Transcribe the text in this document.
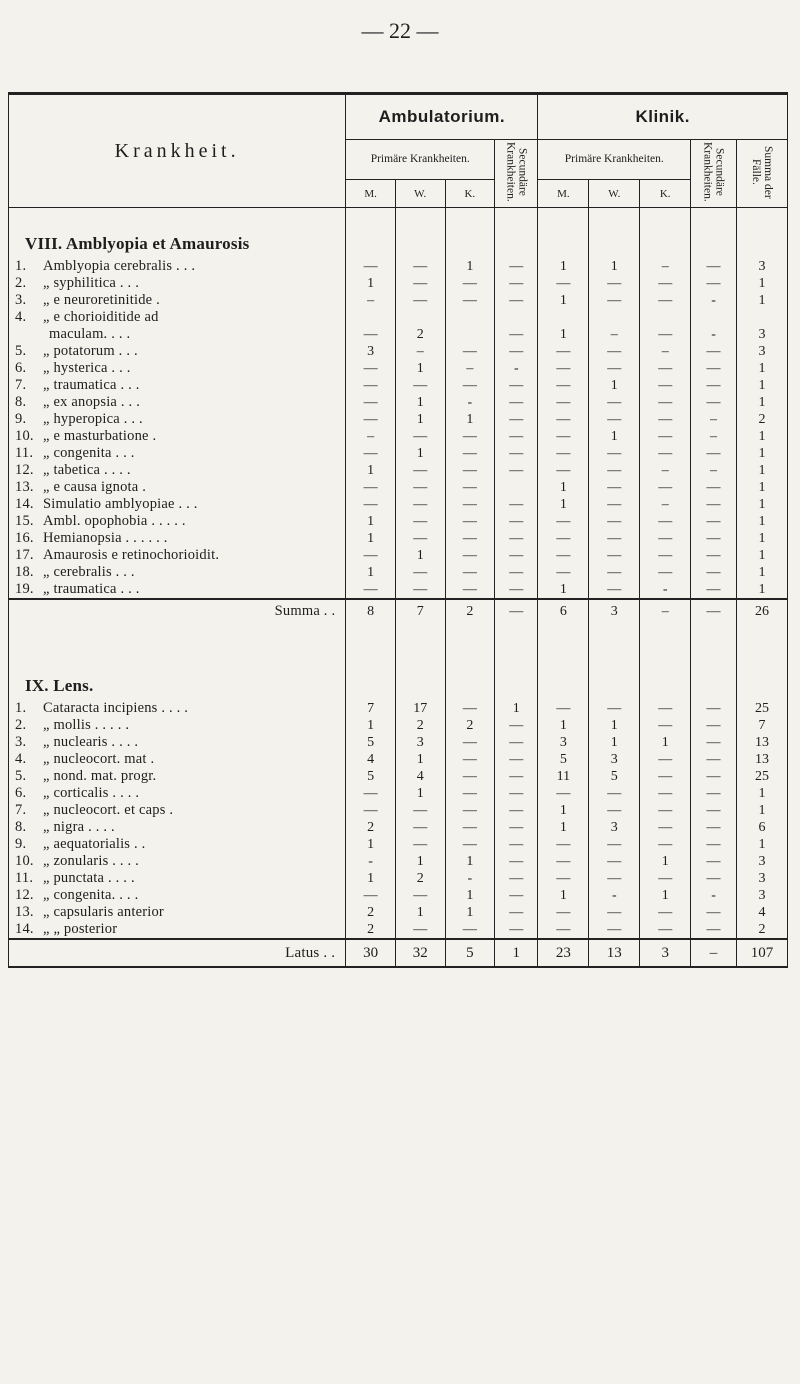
— 22 —
Krankheit.	Ambulatorium.				Klinik.				
	Primäre Krankheiten.			Secundäre Krankheiten.	Primäre Krankheiten.			Secundäre Krankheiten.	Summa der Fälle.
	M.	W.	K.		M.	W.	K.		
VIII. Amblyopia et Amaurosis									
1. Amblyopia cerebralis . . .	—	—	1	—	1	1	–	—	3
2. „ syphilitica . . .	1	—	—	—	—	—	—	—	1
3. „ e neuroretinitide .	–	—	—	—	1	—	—	-	1
4. „ e chorioiditide ad									
maculam. . . .	—	2		—	1	–	—	-	3
5. „ potatorum . . .	3	–	—	—	—	—	–	—	3
6. „ hysterica . . .	—	1	–	-	—	—	—	—	1
7. „ traumatica . . .	—	—	—	—	—	1	—	—	1
8. „ ex anopsia . . .	—	1	-	—	—	—	—	—	1
9. „ hyperopica . . .	—	1	1	—	—	—	—	–	2
10. „ e masturbatione .	–	—	—	—	—	1	—	–	1
11. „ congenita . . .	—	1	—	—	—	—	—	—	1
12. „ tabetica . . . .	1	—	—	—	—	—	–	–	1
13. „ e causa ignota .	—	—	—		1	—	—	—	1
14. Simulatio amblyopiae . . .	—	—	—	—	1	—	–	—	1
15. Ambl. opophobia . . . . .	1	—	—	—	—	—	—	—	1
16. Hemianopsia . . . . . .	1	—	—	—	—	—	—	—	1
17. Amaurosis e retinochorioidit.	—	1	—	—	—	—	—	—	1
18. „ cerebralis . . .	1	—	—	—	—	—	—	—	1
19. „ traumatica . . .	—	—	—	—	1	—	-	—	1
Summa . .	8	7	2	—	6	3	–	—	26

IX. Lens.									
1. Cataracta incipiens . . . .	7	17	—	1	—	—	—	—	25
2. „ mollis . . . . .	1	2	2	—	1	1	—	—	7
3. „ nuclearis . . . .	5	3	—	—	3	1	1	—	13
4. „ nucleocort. mat .	4	1	—	—	5	3	—	—	13
5. „ nond. mat. progr.	5	4	—	—	11	5	—	—	25
6. „ corticalis . . . .	—	1	—	—	—	—	—	—	1
7. „ nucleocort. et caps .	—	—	—	—	1	—	—	—	1
8. „ nigra . . . .	2	—	—	—	1	3	—	—	6
9. „ aequatorialis . .	1	—	—	—	—	—	—	—	1
10. „ zonularis . . . .	-	1	1	—	—	—	1	—	3
11. „ punctata . . . .	1	2	-	—	—	—	—	—	3
12. „ congenita. . . .	—	—	1	—	1	-	1	-	3
13. „ capsularis anterior	2	1	1	—	—	—	—	—	4
14. „ „ posterior	2	—	—	—	—	—	—	—	2
Latus . .	30	32	5	1	23	13	3	–	107
